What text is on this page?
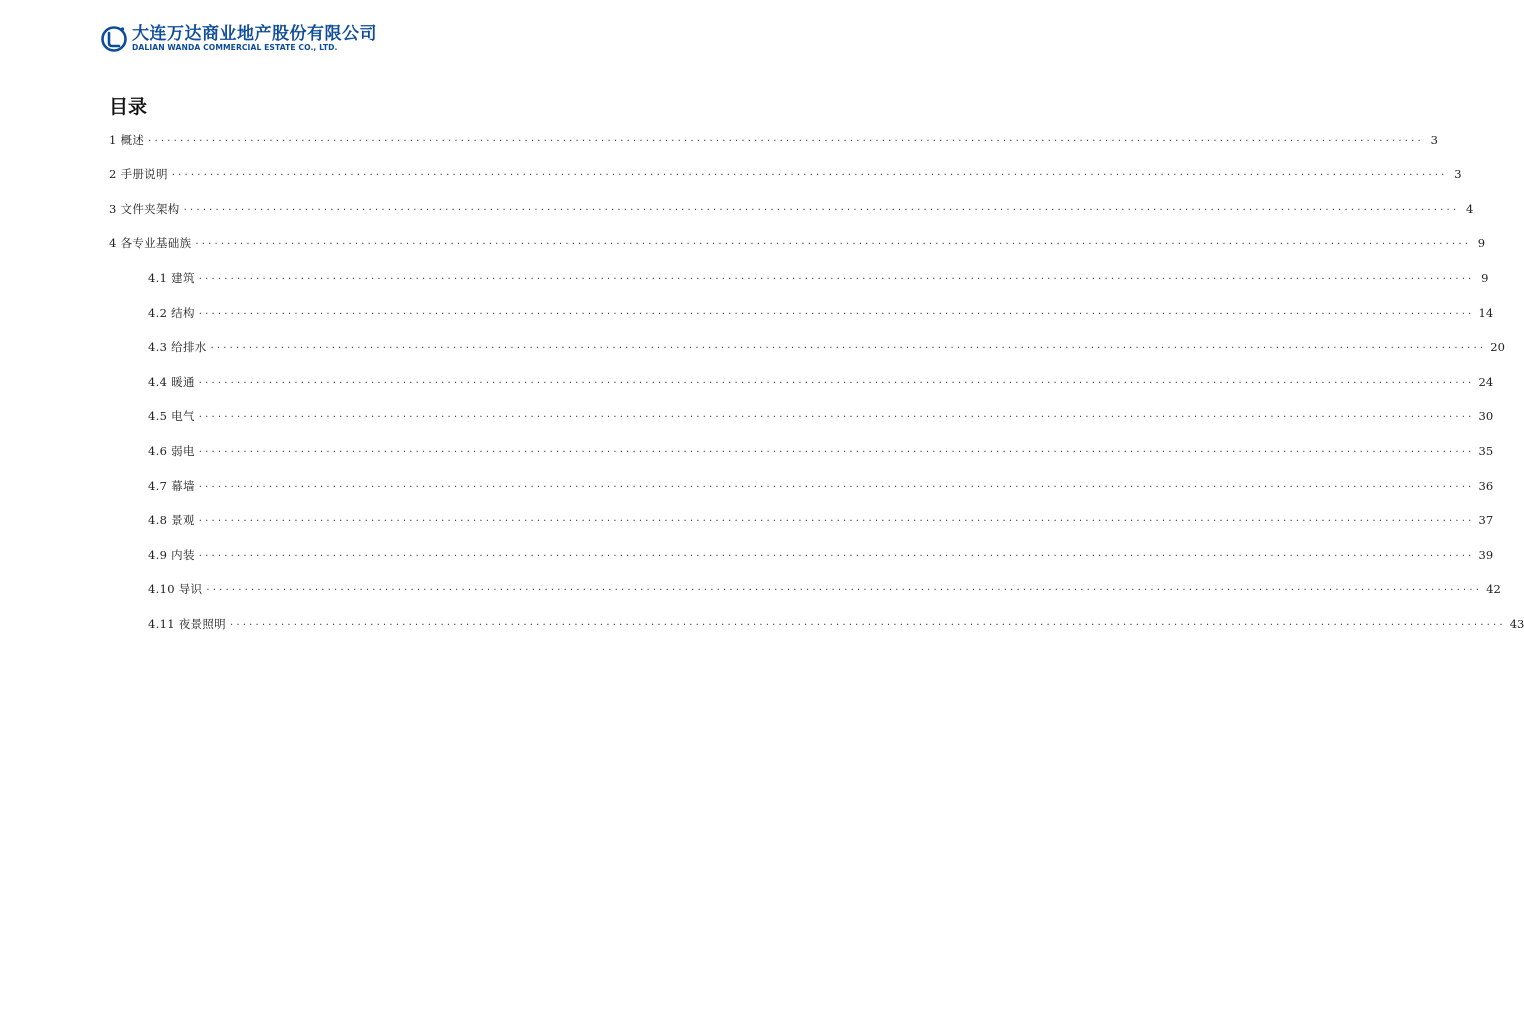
大连万达商业地产股份有限公司
DALIAN WANDA COMMERCIAL ESTATE CO., LTD.
目录
1 概述 ........................................................................................................................................................................................................ 3
2 手册说明 ........................................................................................................................................................................................................ 3
3 文件夹架构 ........................................................................................................................................................................................................ 4
4 各专业基础族 ........................................................................................................................................................................................................ 9
4.1 建筑 ........................................................................................................................................................................................................ 9
4.2 结构 ........................................................................................................................................................................................................ 14
4.3 给排水 ........................................................................................................................................................................................................ 20
4.4 暖通 ........................................................................................................................................................................................................ 24
4.5 电气 ........................................................................................................................................................................................................ 30
4.6 弱电 ........................................................................................................................................................................................................ 35
4.7 幕墙 ........................................................................................................................................................................................................ 36
4.8 景观 ........................................................................................................................................................................................................ 37
4.9 内装 ........................................................................................................................................................................................................ 39
4.10 导识 ........................................................................................................................................................................................................ 42
4.11 夜景照明 ........................................................................................................................................................................................................ 43
